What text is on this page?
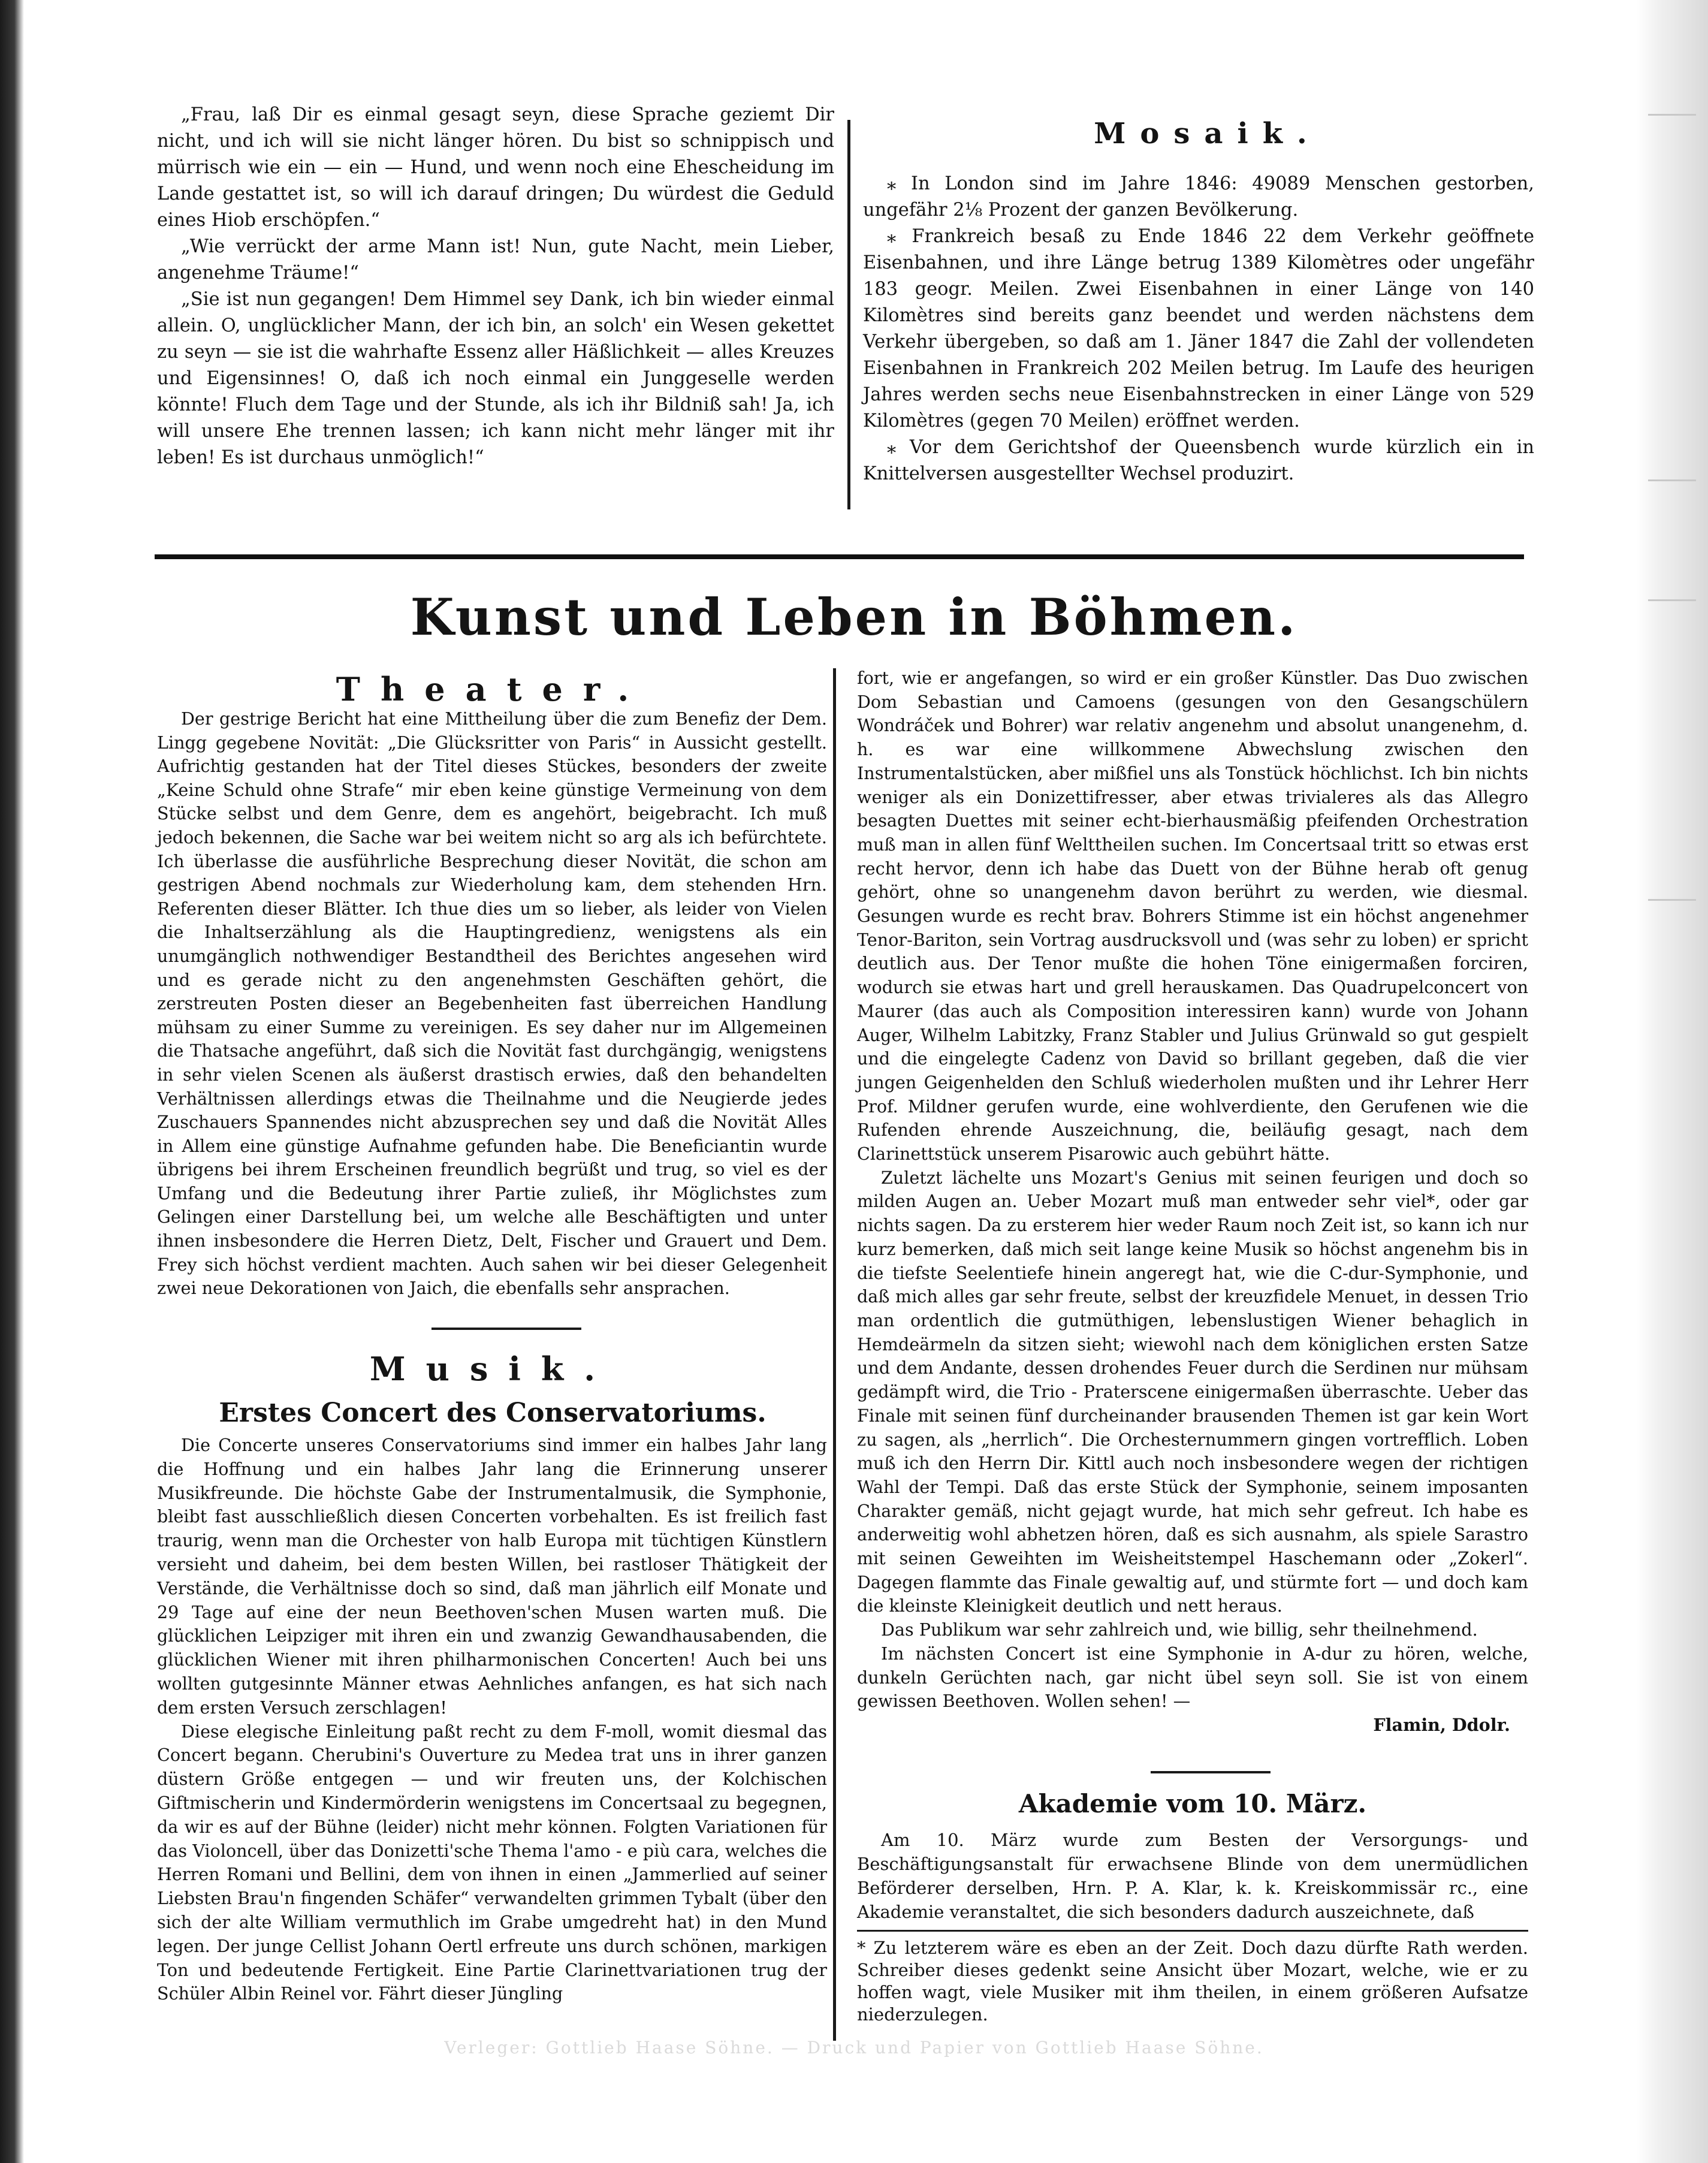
„Frau, laß Dir es einmal gesagt seyn, diese Sprache geziemt Dir nicht, und ich will sie nicht länger hören. Du bist so schnippisch und mürrisch wie ein — ein — Hund, und wenn noch eine Ehescheidung im Lande gestattet ist, so will ich darauf dringen; Du würdest die Geduld eines Hiob erschöpfen.“

„Wie verrückt der arme Mann ist! Nun, gute Nacht, mein Lieber, angenehme Träume!“

„Sie ist nun gegangen! Dem Himmel sey Dank, ich bin wieder einmal allein. O, unglücklicher Mann, der ich bin, an solch' ein Wesen gekettet zu seyn — sie ist die wahrhafte Essenz aller Häßlichkeit — alles Kreuzes und Eigensinnes! O, daß ich noch einmal ein Junggeselle werden könnte! Fluch dem Tage und der Stunde, als ich ihr Bildniß sah! Ja, ich will unsere Ehe trennen lassen; ich kann nicht mehr länger mit ihr leben! Es ist durchaus unmöglich!“

Mosaik.

⁎ In London sind im Jahre 1846: 49089 Menschen gestorben, ungefähr 2⅛ Prozent der ganzen Bevölkerung.

⁎ Frankreich besaß zu Ende 1846 22 dem Verkehr geöffnete Eisenbahnen, und ihre Länge betrug 1389 Kilomètres oder ungefähr 183 geogr. Meilen. Zwei Eisenbahnen in einer Länge von 140 Kilomètres sind bereits ganz beendet und werden nächstens dem Verkehr übergeben, so daß am 1. Jäner 1847 die Zahl der vollendeten Eisenbahnen in Frankreich 202 Meilen betrug. Im Laufe des heurigen Jahres werden sechs neue Eisenbahnstrecken in einer Länge von 529 Kilomètres (gegen 70 Meilen) eröffnet werden.

⁎ Vor dem Gerichtshof der Queensbench wurde kürzlich ein in Knittelversen ausgestellter Wechsel produzirt.

Kunst und Leben in Böhmen.
Theater.

Der gestrige Bericht hat eine Mittheilung über die zum Benefiz der Dem. Lingg gegebene Novität: „Die Glücksritter von Paris“ in Aussicht gestellt. Aufrichtig gestanden hat der Titel dieses Stückes, besonders der zweite „Keine Schuld ohne Strafe“ mir eben keine günstige Vermeinung von dem Stücke selbst und dem Genre, dem es angehört, beigebracht. Ich muß jedoch bekennen, die Sache war bei weitem nicht so arg als ich befürchtete. Ich überlasse die ausführliche Besprechung dieser Novität, die schon am gestrigen Abend nochmals zur Wiederholung kam, dem stehenden Hrn. Referenten dieser Blätter. Ich thue dies um so lieber, als leider von Vielen die Inhaltserzählung als die Hauptingredienz, wenigstens als ein unumgänglich nothwendiger Bestandtheil des Berichtes angesehen wird und es gerade nicht zu den angenehmsten Geschäften gehört, die zerstreuten Posten dieser an Begebenheiten fast überreichen Handlung mühsam zu einer Summe zu vereinigen. Es sey daher nur im Allgemeinen die Thatsache angeführt, daß sich die Novität fast durchgängig, wenigstens in sehr vielen Scenen als äußerst drastisch erwies, daß den behandelten Verhältnissen allerdings etwas die Theilnahme und die Neugierde jedes Zuschauers Spannendes nicht abzusprechen sey und daß die Novität Alles in Allem eine günstige Aufnahme gefunden habe. Die Beneficiantin wurde übrigens bei ihrem Erscheinen freundlich begrüßt und trug, so viel es der Umfang und die Bedeutung ihrer Partie zuließ, ihr Möglichstes zum Gelingen einer Darstellung bei, um welche alle Beschäftigten und unter ihnen insbesondere die Herren Dietz, Delt, Fischer und Grauert und Dem. Frey sich höchst verdient machten. Auch sahen wir bei dieser Gelegenheit zwei neue Dekorationen von Jaich, die ebenfalls sehr ansprachen.

Musik.
Erstes Concert des Conservatoriums.

Die Concerte unseres Conservatoriums sind immer ein halbes Jahr lang die Hoffnung und ein halbes Jahr lang die Erinnerung unserer Musikfreunde. Die höchste Gabe der Instrumentalmusik, die Symphonie, bleibt fast ausschließlich diesen Concerten vorbehalten. Es ist freilich fast traurig, wenn man die Orchester von halb Europa mit tüchtigen Künstlern versieht und daheim, bei dem besten Willen, bei rastloser Thätigkeit der Verstände, die Verhältnisse doch so sind, daß man jährlich eilf Monate und 29 Tage auf eine der neun Beethoven'schen Musen warten muß. Die glücklichen Leipziger mit ihren ein und zwanzig Gewandhausabenden, die glücklichen Wiener mit ihren philharmonischen Concerten! Auch bei uns wollten gutgesinnte Männer etwas Aehnliches anfangen, es hat sich nach dem ersten Versuch zerschlagen!

Diese elegische Einleitung paßt recht zu dem F-moll, womit diesmal das Concert begann. Cherubini's Ouverture zu Medea trat uns in ihrer ganzen düstern Größe entgegen — und wir freuten uns, der Kolchischen Giftmischerin und Kindermörderin wenigstens im Concertsaal zu begegnen, da wir es auf der Bühne (leider) nicht mehr können. Folgten Variationen für das Violoncell, über das Donizetti'sche Thema l'amo - e più cara, welches die Herren Romani und Bellini, dem von ihnen in einen „Jammerlied auf seiner Liebsten Brau'n fingenden Schäfer“ verwandelten grimmen Tybalt (über den sich der alte William vermuthlich im Grabe umgedreht hat) in den Mund legen. Der junge Cellist Johann Oertl erfreute uns durch schönen, markigen Ton und bedeutende Fertigkeit. Eine Partie Clarinettvariationen trug der Schüler Albin Reinel vor. Fährt dieser Jüngling

fort, wie er angefangen, so wird er ein großer Künstler. Das Duo zwischen Dom Sebastian und Camoens (gesungen von den Gesangschülern Wondráček und Bohrer) war relativ angenehm und absolut unangenehm, d. h. es war eine willkommene Abwechslung zwischen den Instrumentalstücken, aber mißfiel uns als Tonstück höchlichst. Ich bin nichts weniger als ein Donizettifresser, aber etwas trivialeres als das Allegro besagten Duettes mit seiner echt-bierhausmäßig pfeifenden Orchestration muß man in allen fünf Welttheilen suchen. Im Concertsaal tritt so etwas erst recht hervor, denn ich habe das Duett von der Bühne herab oft genug gehört, ohne so unangenehm davon berührt zu werden, wie diesmal. Gesungen wurde es recht brav. Bohrers Stimme ist ein höchst angenehmer Tenor-Bariton, sein Vortrag ausdrucksvoll und (was sehr zu loben) er spricht deutlich aus. Der Tenor mußte die hohen Töne einigermaßen forciren, wodurch sie etwas hart und grell herauskamen. Das Quadrupelconcert von Maurer (das auch als Composition interessiren kann) wurde von Johann Auger, Wilhelm Labitzky, Franz Stabler und Julius Grünwald so gut gespielt und die eingelegte Cadenz von David so brillant gegeben, daß die vier jungen Geigenhelden den Schluß wiederholen mußten und ihr Lehrer Herr Prof. Mildner gerufen wurde, eine wohlverdiente, den Gerufenen wie die Rufenden ehrende Auszeichnung, die, beiläufig gesagt, nach dem Clarinettstück unserem Pisarowic auch gebührt hätte.

Zuletzt lächelte uns Mozart's Genius mit seinen feurigen und doch so milden Augen an. Ueber Mozart muß man entweder sehr viel*, oder gar nichts sagen. Da zu ersterem hier weder Raum noch Zeit ist, so kann ich nur kurz bemerken, daß mich seit lange keine Musik so höchst angenehm bis in die tiefste Seelentiefe hinein angeregt hat, wie die C-dur-Symphonie, und daß mich alles gar sehr freute, selbst der kreuzfidele Menuet, in dessen Trio man ordentlich die gutmüthigen, lebenslustigen Wiener behaglich in Hemdeärmeln da sitzen sieht; wiewohl nach dem königlichen ersten Satze und dem Andante, dessen drohendes Feuer durch die Serdinen nur mühsam gedämpft wird, die Trio - Praterscene einigermaßen überraschte. Ueber das Finale mit seinen fünf durcheinander brausenden Themen ist gar kein Wort zu sagen, als „herrlich“. Die Orchesternummern gingen vortrefflich. Loben muß ich den Herrn Dir. Kittl auch noch insbesondere wegen der richtigen Wahl der Tempi. Daß das erste Stück der Symphonie, seinem imposanten Charakter gemäß, nicht gejagt wurde, hat mich sehr gefreut. Ich habe es anderweitig wohl abhetzen hören, daß es sich ausnahm, als spiele Sarastro mit seinen Geweihten im Weisheitstempel Haschemann oder „Zokerl“. Dagegen flammte das Finale gewaltig auf, und stürmte fort — und doch kam die kleinste Kleinigkeit deutlich und nett heraus.

Das Publikum war sehr zahlreich und, wie billig, sehr theilnehmend.

Im nächsten Concert ist eine Symphonie in A-dur zu hören, welche, dunkeln Gerüchten nach, gar nicht übel seyn soll. Sie ist von einem gewissen Beethoven. Wollen sehen! —

Flamin, Ddolr.
Akademie vom 10. März.

Am 10. März wurde zum Besten der Versorgungs- und Beschäftigungsanstalt für erwachsene Blinde von dem unermüdlichen Beförderer derselben, Hrn. P. A. Klar, k. k. Kreiskommissär rc., eine Akademie veranstaltet, die sich besonders dadurch auszeichnete, daß

* Zu letzterem wäre es eben an der Zeit. Doch dazu dürfte Rath werden. Schreiber dieses gedenkt seine Ansicht über Mozart, welche, wie er zu hoffen wagt, viele Musiker mit ihm theilen, in einem größeren Aufsatze niederzulegen.

Verleger: Gottlieb Haase Söhne. — Druck und Papier von Gottlieb Haase Söhne.
